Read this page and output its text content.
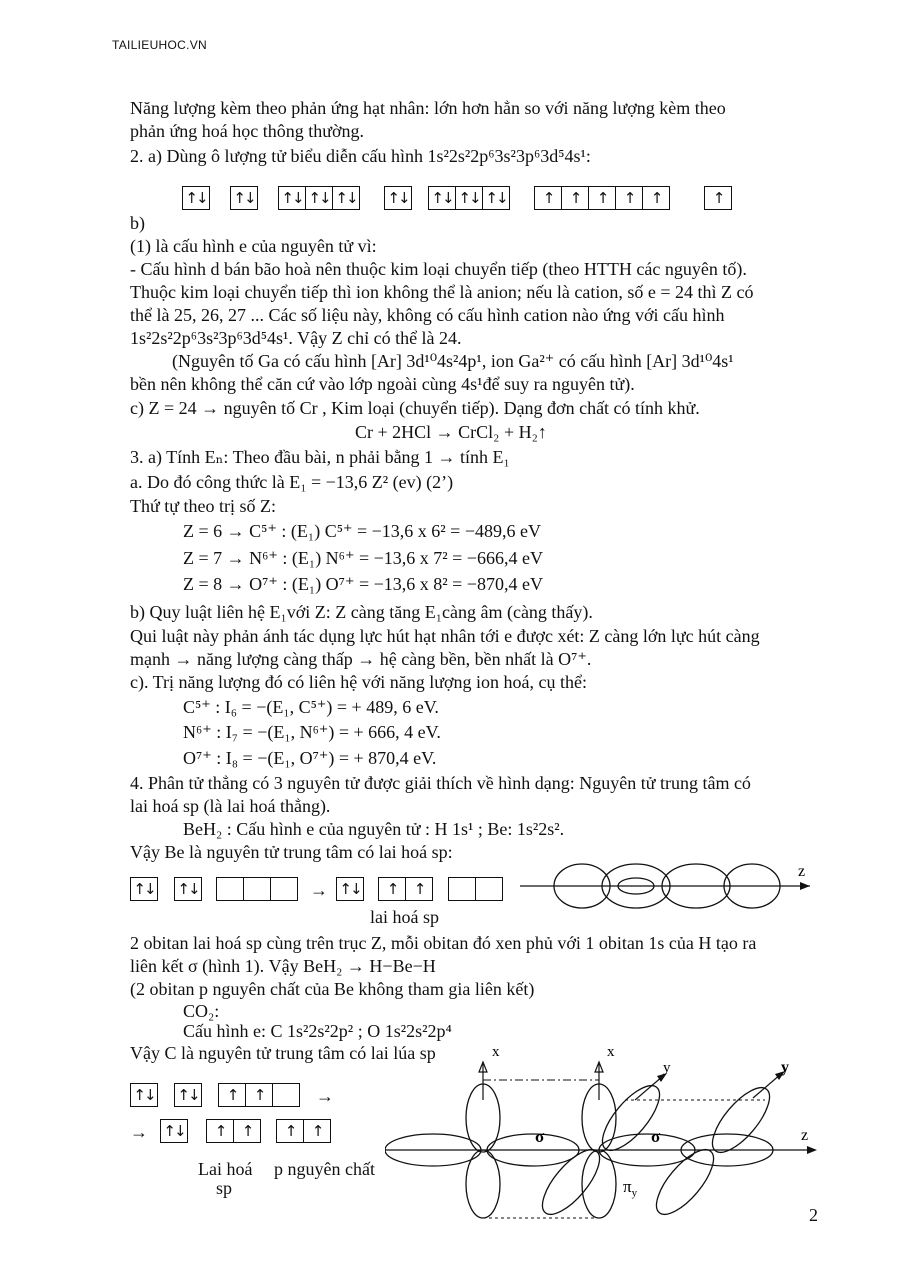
TAILIEUHOC.VN
Năng lượng kèm theo phản ứng hạt nhân: lớn hơn hẳn so với năng lượng kèm theo
phản ứng hoá học thông thường.
2. a) Dùng ô lượng tử biểu diễn cấu hình 1s²2s²2p⁶3s²3p⁶3d⁵4s¹:
↑↓ ↑↓ ↑↓ ↑↓ ↑↓ ↑↓ ↑↓ ↑↓ ↑↓	↑	↑	↑	↑	↑	↑
b)
(1) là cấu hình e của nguyên tử vì:
- Cấu hình d bán bão hoà nên thuộc kim loại chuyển tiếp (theo HTTH các nguyên tố).
Thuộc kim loại chuyển tiếp thì ion không thể là anion; nếu là cation, số e = 24 thì Z có
thể là 25, 26, 27 ... Các số liệu này, không có cấu hình cation nào ứng với cấu hình
1s²2s²2p⁶3s²3p⁶3d⁵4s¹. Vậy Z chỉ có thể là 24.
(Nguyên tố Ga có cấu hình [Ar] 3d¹⁰4s²4p¹, ion Ga²⁺ có cấu hình [Ar] 3d¹⁰4s¹
bền nên không thể căn cứ vào lớp ngoài cùng 4s¹để suy ra nguyên tử).
c) Z = 24 → nguyên tố Cr , Kim loại (chuyển tiếp). Dạng đơn chất có tính khử.
Cr + 2HCl → CrCl₂ + H₂↑
3. a) Tính Eₙ: Theo đầu bài, n phải bằng 1 → tính E₁
a. Do đó công thức là E₁ = −13,6 Z² (ev) (2’)
Thứ tự theo trị số Z:
Z = 6 → C⁵⁺ : (E₁) C⁵⁺ = −13,6 x 6² = −489,6 eV
Z = 7 → N⁶⁺ : (E₁) N⁶⁺ = −13,6 x 7² = −666,4 eV
Z = 8 → O⁷⁺ : (E₁) O⁷⁺ = −13,6 x 8² = −870,4 eV
b) Quy luật liên hệ E₁với Z: Z càng tăng E₁càng âm (càng thấy).
Qui luật này phản ánh tác dụng lực hút hạt nhân tới e được xét: Z càng lớn lực hút càng
mạnh → năng lượng càng thấp → hệ càng bền, bền nhất là O⁷⁺.
c). Trị năng lượng đó có liên hệ với năng lượng ion hoá, cụ thể:
C⁵⁺ : I₆ = −(E₁, C⁵⁺) = + 489, 6 eV.
N⁶⁺ : I₇ = −(E₁, N⁶⁺) = + 666, 4 eV.
O⁷⁺ : I₈ = −(E₁, O⁷⁺) = + 870,4 eV.
4. Phân tử thẳng có 3 nguyên tử được giải thích về hình dạng: Nguyên tử trung tâm có
lai hoá sp (là lai hoá thẳng).
BeH₂ : Cấu hình e của nguyên tử : H 1s¹ ; Be: 1s²2s².
Vậy Be là nguyên tử trung tâm có lai hoá sp:
↑↓ ↑↓	→ ↑↓	↑	↑
lai hoá sp
z
2 obitan lai hoá sp cùng trên trục Z, mỗi obitan đó xen phủ với 1 obitan 1s của H tạo ra
liên kết σ (hình 1). Vậy BeH₂ → H−Be−H
(2 obitan p nguyên chất của Be không tham gia liên kết)
CO₂:
Cấu hình e: C 1s²2s²2p² ; O 1s²2s²2p⁴
Vậy C là nguyên tử trung tâm có lai lúa sp
↑↓ ↑↓	↑	↑	→
→ ↑↓	↑	↑	↑	↑
Lai hoá p nguyên chất
sp
x	x
z
y	y
σ	σ
$\pi_y$
2
